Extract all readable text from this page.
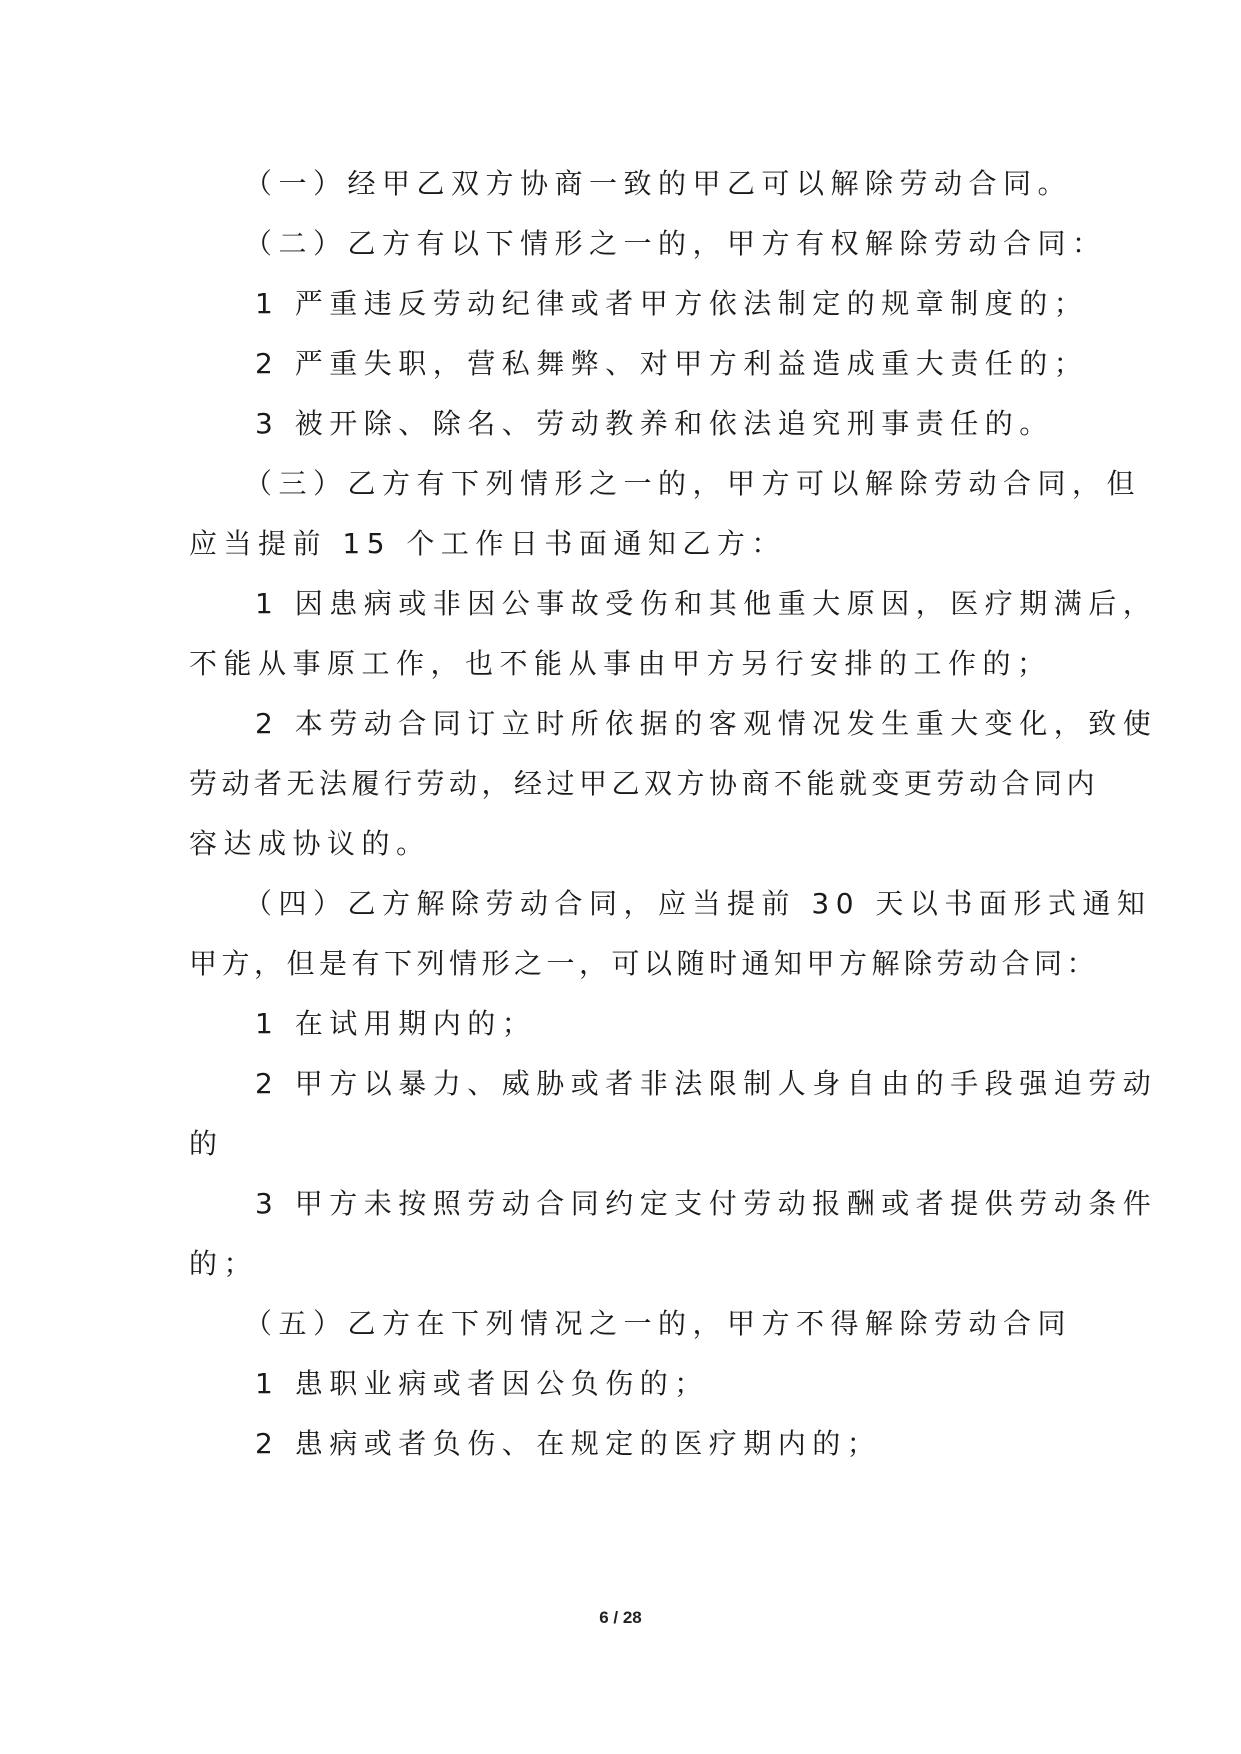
（一）经甲乙双方协商一致的甲乙可以解除劳动合同。
（二）乙方有以下情形之一的，甲方有权解除劳动合同：
1 严重违反劳动纪律或者甲方依法制定的规章制度的；
2 严重失职，营私舞弊、对甲方利益造成重大责任的；
3 被开除、除名、劳动教养和依法追究刑事责任的。
（三）乙方有下列情形之一的，甲方可以解除劳动合同，但
应当提前 15 个工作日书面通知乙方：
1 因患病或非因公事故受伤和其他重大原因，医疗期满后，
不能从事原工作，也不能从事由甲方另行安排的工作的；
2 本劳动合同订立时所依据的客观情况发生重大变化，致使
劳动者无法履行劳动，经过甲乙双方协商不能就变更劳动合同内
容达成协议的。
（四）乙方解除劳动合同，应当提前 30 天以书面形式通知
甲方，但是有下列情形之一，可以随时通知甲方解除劳动合同：
1 在试用期内的；
2 甲方以暴力、威胁或者非法限制人身自由的手段强迫劳动
的
3 甲方未按照劳动合同约定支付劳动报酬或者提供劳动条件
的；
（五）乙方在下列情况之一的，甲方不得解除劳动合同
1 患职业病或者因公负伤的；
2 患病或者负伤、在规定的医疗期内的；
6 / 28
